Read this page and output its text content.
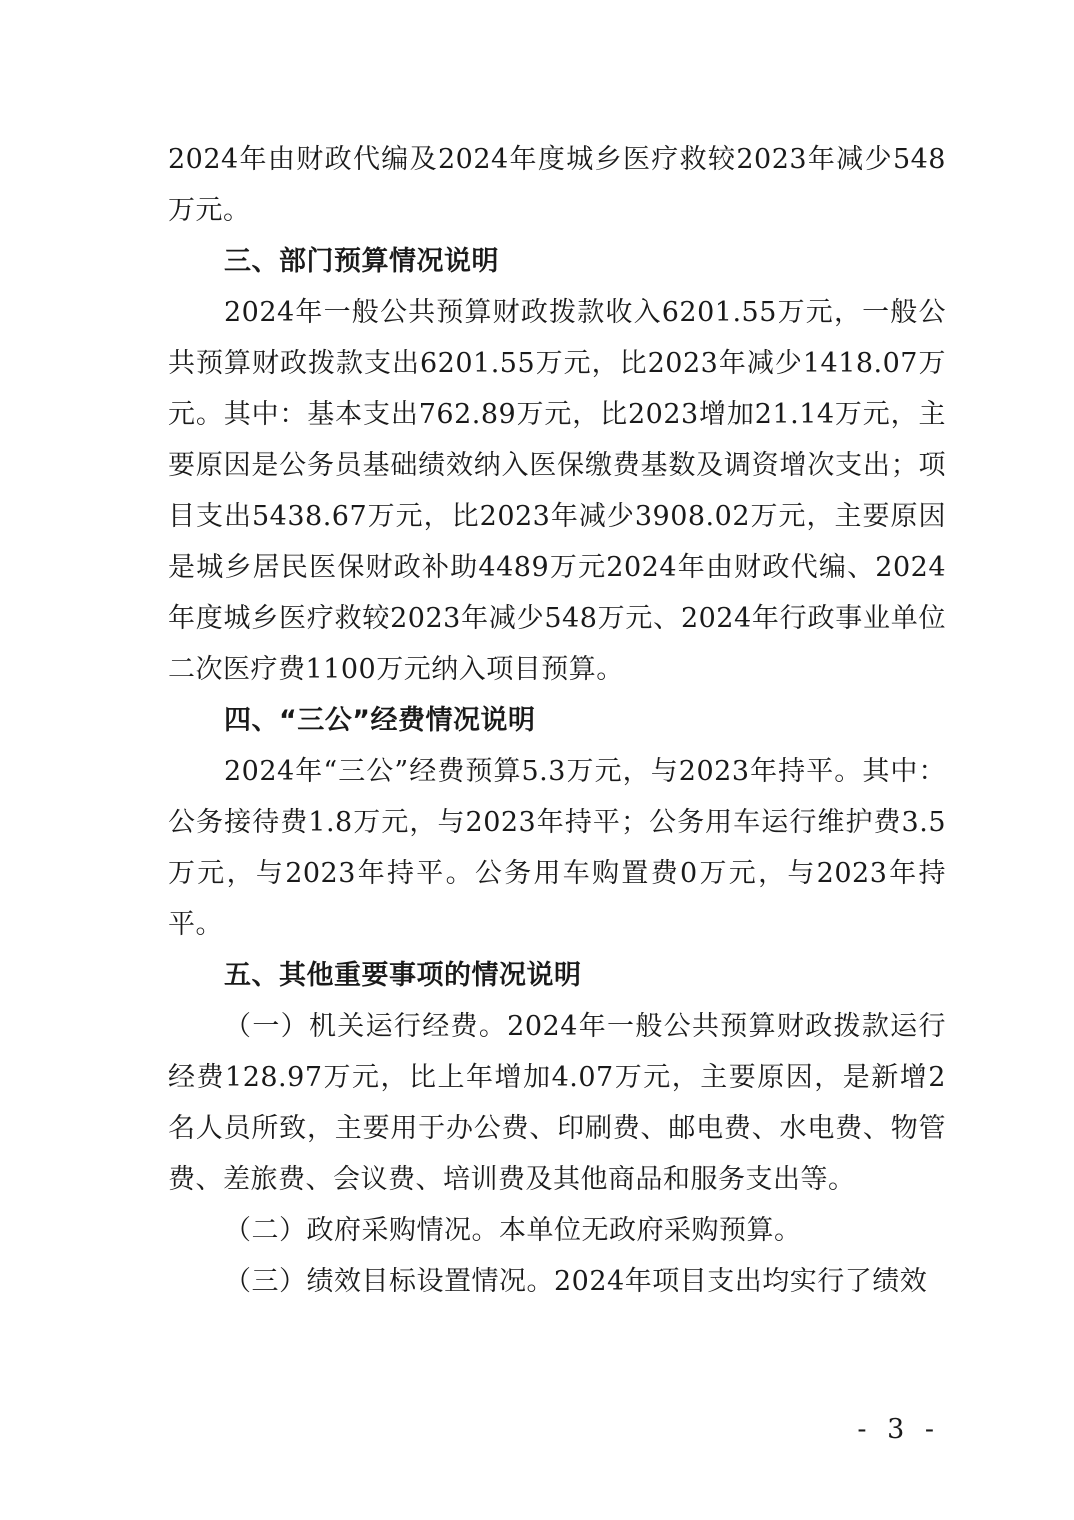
2024年由财政代编及2024年度城乡医疗救较2023年减少548万元。

三、部门预算情况说明

2024年一般公共预算财政拨款收入6201.55万元，一般公共预算财政拨款支出6201.55万元，比2023年减少1418.07万元。其中：基本支出762.89万元，比2023增加21.14万元，主要原因是公务员基础绩效纳入医保缴费基数及调资增次支出；项目支出5438.67万元，比2023年减少3908.02万元，主要原因是城乡居民医保财政补助4489万元2024年由财政代编、2024年度城乡医疗救较2023年减少548万元、2024年行政事业单位二次医疗费1100万元纳入项目预算。

四、“三公”经费情况说明

2024年“三公”经费预算5.3万元，与2023年持平。其中：公务接待费1.8万元，与2023年持平；公务用车运行维护费3.5万元，与2023年持平。公务用车购置费0万元，与2023年持平。

五、其他重要事项的情况说明

（一）机关运行经费。2024年一般公共预算财政拨款运行经费128.97万元，比上年增加4.07万元，主要原因，是新增2名人员所致，主要用于办公费、印刷费、邮电费、水电费、物管费、差旅费、会议费、培训费及其他商品和服务支出等。

（二）政府采购情况。本单位无政府采购预算。

（三）绩效目标设置情况。2024年项目支出均实行了绩效

- 3 -
